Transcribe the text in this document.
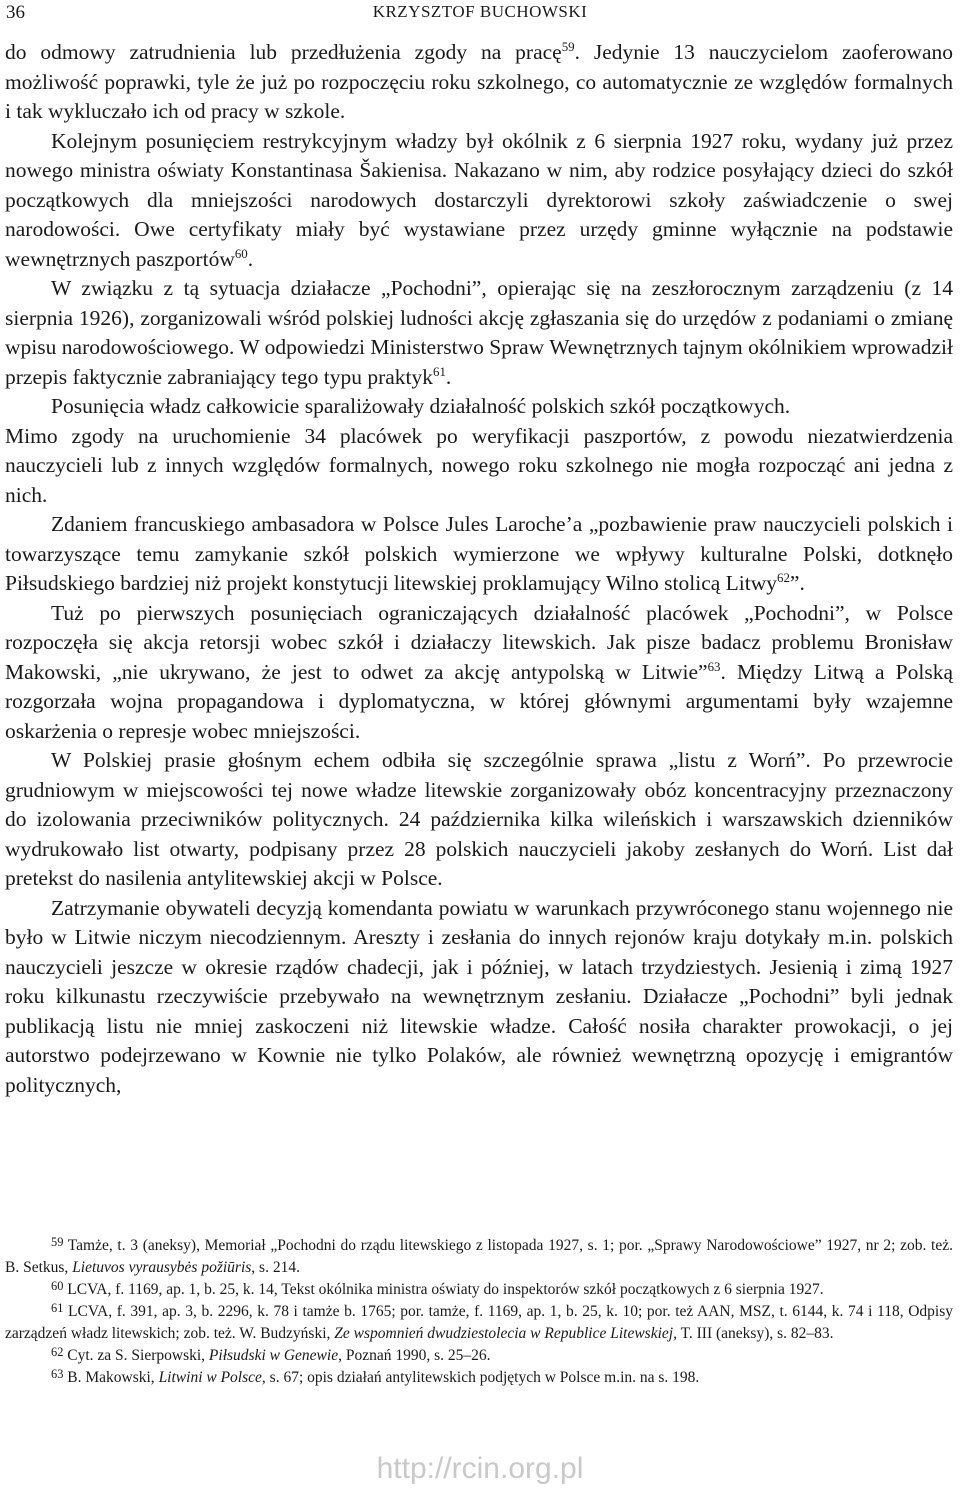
36	KRZYSZTOF BUCHOWSKI

do odmowy zatrudnienia lub przedłużenia zgody na pracę$^{59}$. Jedynie 13 nauczycielom zaoferowano możliwość poprawki, tyle że już po rozpoczęciu roku szkolnego, co automatycznie ze względów formalnych i tak wykluczało ich od pracy w szkole.

Kolejnym posunięciem restrykcyjnym władzy był okólnik z 6 sierpnia 1927 roku, wydany już przez nowego ministra oświaty Konstantinasa Šakienisa. Nakazano w nim, aby rodzice posyłający dzieci do szkół początkowych dla mniejszości narodowych dostarczyli dyrektorowi szkoły zaświadczenie o swej narodowości. Owe certyfikaty miały być wystawiane przez urzędy gminne wyłącznie na podstawie wewnętrznych paszportów$^{60}$.

W związku z tą sytuacja działacze „Pochodni”, opierając się na zeszłorocznym zarządzeniu (z 14 sierpnia 1926), zorganizowali wśród polskiej ludności akcję zgłaszania się do urzędów z podaniami o zmianę wpisu narodowościowego. W odpowiedzi Ministerstwo Spraw Wewnętrznych tajnym okólnikiem wprowadził przepis faktycznie zabraniający tego typu praktyk$^{61}$.

Posunięcia władz całkowicie sparaliżowały działalność polskich szkół początkowych.

Mimo zgody na uruchomienie 34 placówek po weryfikacji paszportów, z powodu niezatwierdzenia nauczycieli lub z innych względów formalnych, nowego roku szkolnego nie mogła rozpocząć ani jedna z nich.

Zdaniem francuskiego ambasadora w Polsce Jules Laroche’a „pozbawienie praw nauczycieli polskich i towarzyszące temu zamykanie szkół polskich wymierzone we wpływy kulturalne Polski, dotknęło Piłsudskiego bardziej niż projekt konstytucji litewskiej proklamujący Wilno stolicą Litwy$^{62}$”.

Tuż po pierwszych posunięciach ograniczających działalność placówek „Pochodni”, w Polsce rozpoczęła się akcja retorsji wobec szkół i działaczy litewskich. Jak pisze badacz problemu Bronisław Makowski, „nie ukrywano, że jest to odwet za akcję antypolską w Litwie”$^{63}$. Między Litwą a Polską rozgorzała wojna propagandowa i dyplomatyczna, w której głównymi argumentami były wzajemne oskarżenia o represje wobec mniejszości.

W Polskiej prasie głośnym echem odbiła się szczególnie sprawa „listu z Worń”. Po przewrocie grudniowym w miejscowości tej nowe władze litewskie zorganizowały obóz koncentracyjny przeznaczony do izolowania przeciwników politycznych. 24 października kilka wileńskich i warszawskich dzienników wydrukowało list otwarty, podpisany przez 28 polskich nauczycieli jakoby zesłanych do Worń. List dał pretekst do nasilenia antylitewskiej akcji w Polsce.

Zatrzymanie obywateli decyzją komendanta powiatu w warunkach przywróconego stanu wojennego nie było w Litwie niczym niecodziennym. Areszty i zesłania do innych rejonów kraju dotykały m.in. polskich nauczycieli jeszcze w okresie rządów chadecji, jak i później, w latach trzydziestych. Jesienią i zimą 1927 roku kilkunastu rzeczywiście przebywało na wewnętrznym zesłaniu. Działacze „Pochodni” byli jednak publikacją listu nie mniej zaskoczeni niż litewskie władze. Całość nosiła charakter prowokacji, o jej autorstwo podejrzewano w Kownie nie tylko Polaków, ale również wewnętrzną opozycję i emigrantów politycznych,

$^{59}$ Tamże, t. 3 (aneksy), Memoriał „Pochodni do rządu litewskiego z listopada 1927, s. 1; por. „Sprawy Narodowościowe” 1927, nr 2; zob. też. B. Setkus, Lietuvos vyrausybės požiūris, s. 214.

$^{60}$ LCVA, f. 1169, ap. 1, b. 25, k. 14, Tekst okólnika ministra oświaty do inspektorów szkół początkowych z 6 sierpnia 1927.

$^{61}$ LCVA, f. 391, ap. 3, b. 2296, k. 78 i tamże b. 1765; por. tamże, f. 1169, ap. 1, b. 25, k. 10; por. też AAN, MSZ, t. 6144, k. 74 i 118, Odpisy zarządzeń władz litewskich; zob. też. W. Budzyński, Ze wspomnień dwudziestolecia w Republice Litewskiej, T. III (aneksy), s. 82–83.

$^{62}$ Cyt. za S. Sierpowski, Piłsudski w Genewie, Poznań 1990, s. 25–26.

$^{63}$ B. Makowski, Litwini w Polsce, s. 67; opis działań antylitewskich podjętych w Polsce m.in. na s. 198.

http://rcin.org.pl
